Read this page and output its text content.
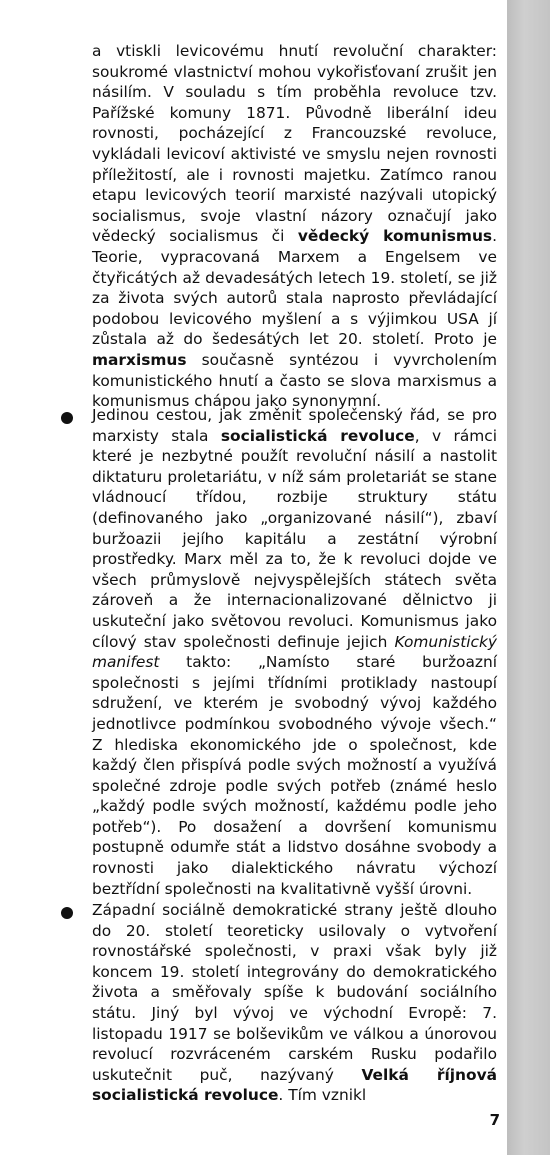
a vtiskli levicovému hnutí revoluční charakter: soukromé vlastnictví mohou vykořisťovaní zrušit jen násilím. V souladu s tím proběhla revoluce tzv. Pařížské komuny 1871. Původně liberální ideu rovnosti, pocházející z Francouzské revoluce, vykládali levicoví aktivisté ve smyslu nejen rovnosti příležitostí, ale i rovnosti majetku. Zatímco ranou etapu levicových teorií marxisté nazývali utopický socialismus, svoje vlastní názory označují jako vědecký socialismus či vědecký komunismus. Teorie, vypracovaná Marxem a Engelsem ve čtyřicátých až devadesátých letech 19. století, se již za života svých autorů stala naprosto převládající podobou levicového myšlení a s výjimkou USA jí zůstala až do šedesátých let 20. století. Proto je marxismus současně syntézou i vyvrcholením komunistického hnutí a často se slova marxismus a komunismus chápou jako synonymní.

Jedinou cestou, jak změnit společenský řád, se pro marxisty stala socialistická revoluce, v rámci které je nezbytné použít revoluční násilí a nastolit diktaturu proletariátu, v níž sám proletariát se stane vládnoucí třídou, rozbije struktury státu (definovaného jako „organizované násilí“), zbaví buržoazii jejího kapitálu a zestátní výrobní prostředky. Marx měl za to, že k revoluci dojde ve všech průmyslově nejvyspělejších státech světa zároveň a že internacionalizované dělnictvo ji uskuteční jako světovou revoluci. Komunismus jako cílový stav společnosti definuje jejich Komunistický manifest takto: „Namísto staré buržoazní společnosti s jejími třídními protiklady nastoupí sdružení, ve kterém je svobodný vývoj každého jednotlivce podmínkou svobodného vývoje všech.“ Z hlediska ekonomického jde o společnost, kde každý člen přispívá podle svých možností a využívá společné zdroje podle svých potřeb (známé heslo „každý podle svých možností, každému podle jeho potřeb“). Po dosažení a dovršení komunismu postupně odumře stát a lidstvo dosáhne svobody a rovnosti jako dialektického návratu výchozí beztřídní společnosti na kvalitativně vyšší úrovni.

Západní sociálně demokratické strany ještě dlouho do 20. století teoreticky usilovaly o vytvoření rovnostářské společnosti, v praxi však byly již koncem 19. století integrovány do demokratického života a směřovaly spíše k budování sociálního státu. Jiný byl vývoj ve východní Evropě: 7. listopadu 1917 se bolševikům ve válkou a únorovou revolucí rozvráceném carském Rusku podařilo uskutečnit puč, nazývaný Velká říjnová socialistická revoluce. Tím vznikl

7
